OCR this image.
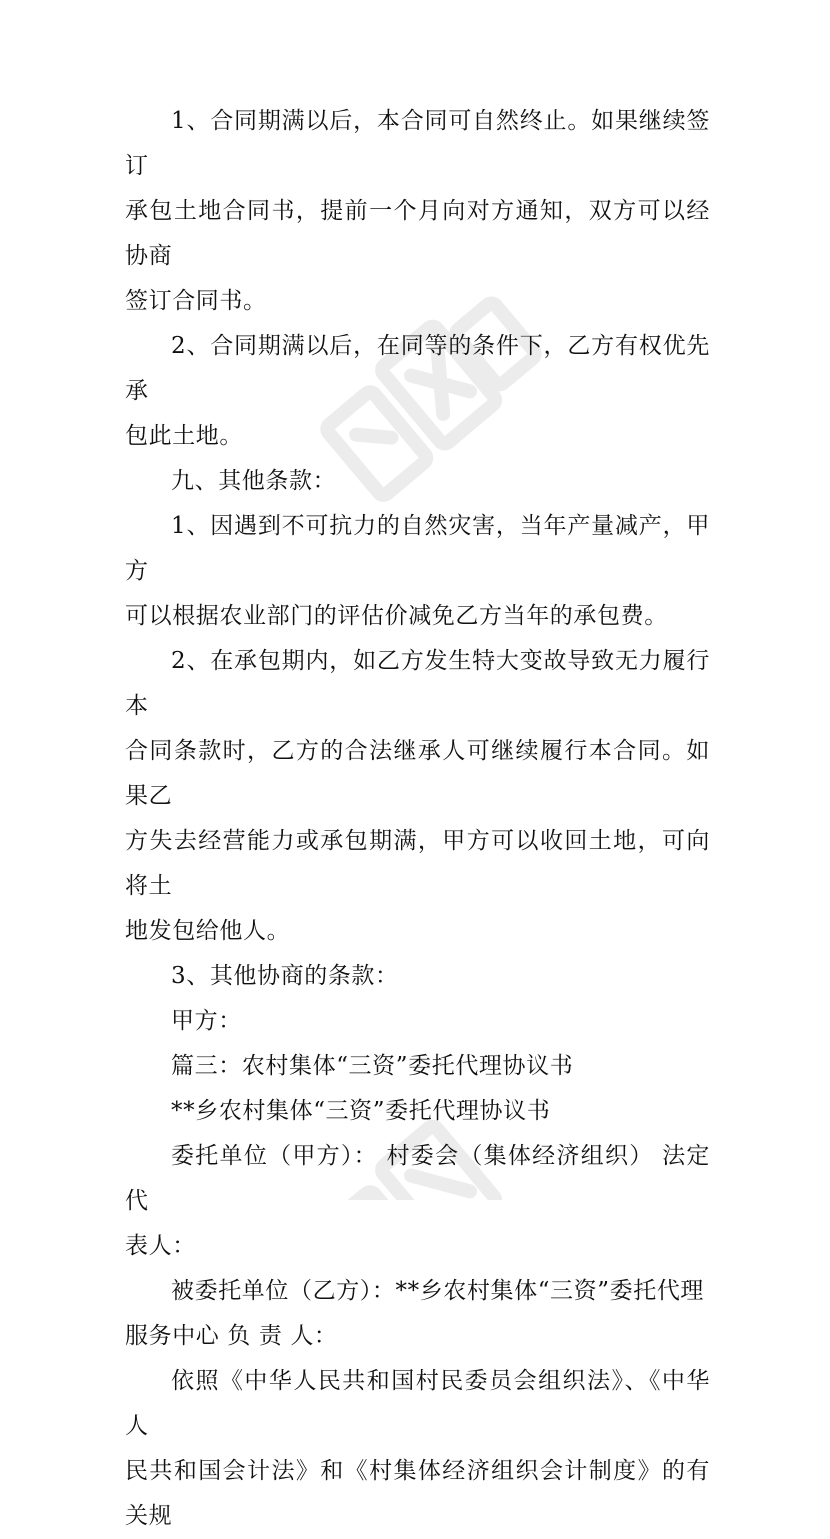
1、合同期满以后，本合同可自然终止。如果继续签订
承包土地合同书，提前一个月向对方通知，双方可以经协商
签订合同书。

2、合同期满以后，在同等的条件下，乙方有权优先承
包此土地。

九、其他条款：

1、因遇到不可抗力的自然灾害，当年产量减产，甲方
可以根据农业部门的评估价减免乙方当年的承包费。

2、在承包期内，如乙方发生特大变故导致无力履行本
合同条款时，乙方的合法继承人可继续履行本合同。如果乙
方失去经营能力或承包期满，甲方可以收回土地，可向将土
地发包给他人。

3、其他协商的条款：

甲方：

篇三：农村集体“三资”委托代理协议书

**乡农村集体“三资”委托代理协议书

委托单位（甲方）： 村委会（集体经济组织） 法定代
表人：

被委托单位（乙方）：**乡农村集体“三资”委托代理
服务中心 负 责 人：

依照《中华人民共和国村民委员会组织法》、《中华人
民共和国会计法》和《村集体经济组织会计制度》的有关规
